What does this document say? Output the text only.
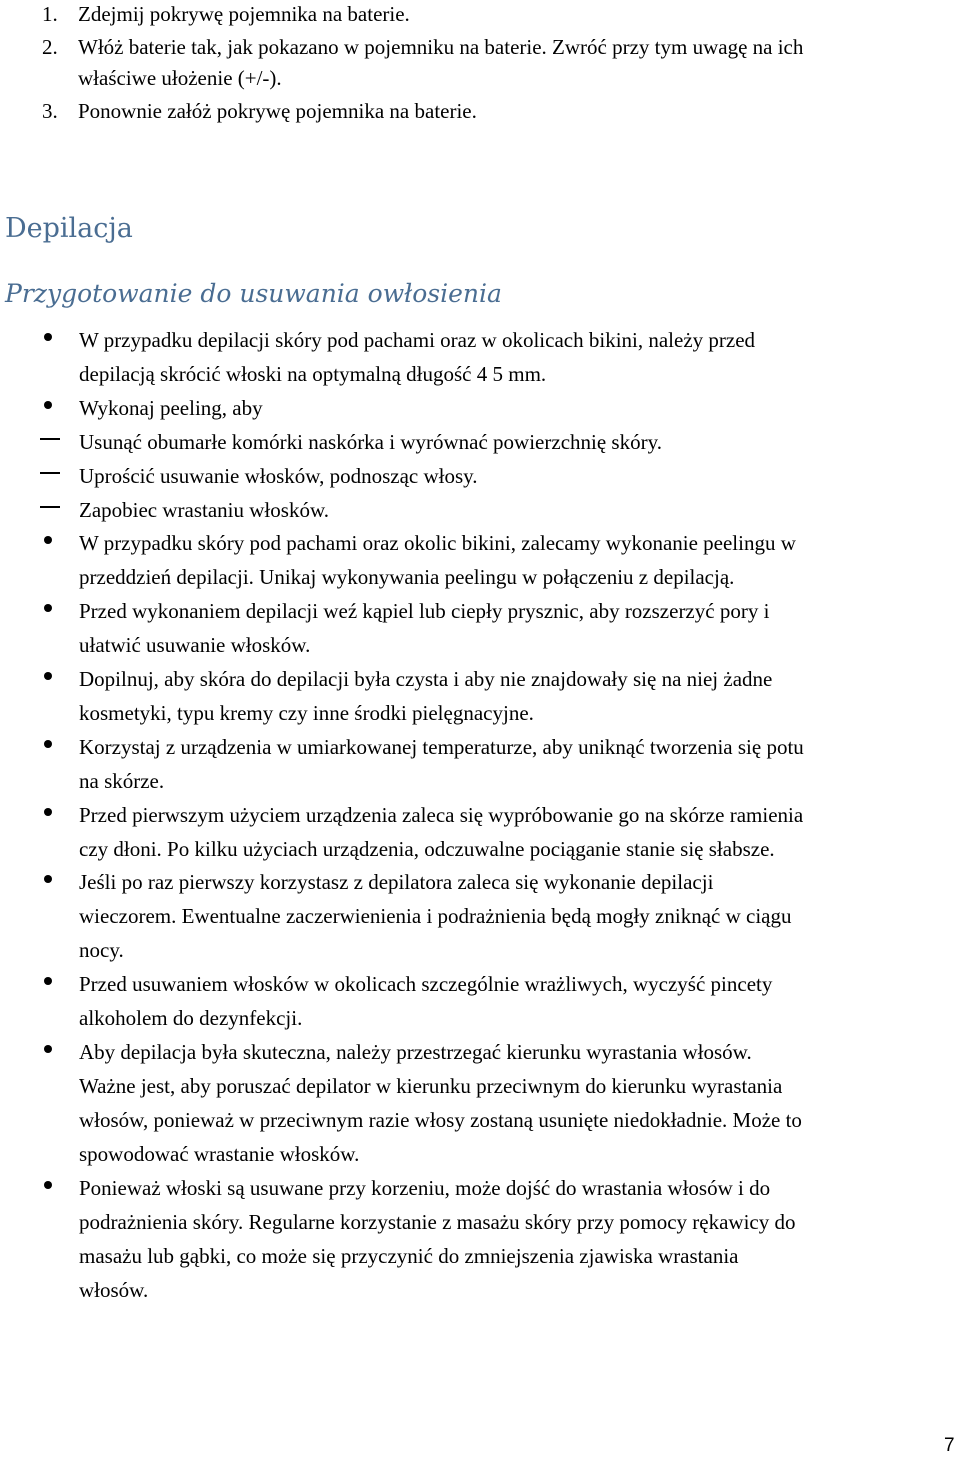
1. Zdejmij pokrywę pojemnika na baterie.
2. Włóż baterie tak, jak pokazano w pojemniku na baterie. Zwróć przy tym uwagę na ich
właściwe ułożenie (+/-).
3. Ponownie załóż pokrywę pojemnika na baterie.
Depilacja
Przygotowanie do usuwania owłosienia
W przypadku depilacji skóry pod pachami oraz w okolicach bikini, należy przed
depilacją skrócić włoski na optymalną długość 4 5 mm.
Wykonaj peeling, aby
Usunąć obumarłe komórki naskórka i wyrównać powierzchnię skóry.
Uprościć usuwanie włosków, podnosząc włosy.
Zapobiec wrastaniu włosków.
W przypadku skóry pod pachami oraz okolic bikini, zalecamy wykonanie peelingu w
przeddzień depilacji. Unikaj wykonywania peelingu w połączeniu z depilacją.
Przed wykonaniem depilacji weź kąpiel lub ciepły prysznic, aby rozszerzyć pory i
ułatwić usuwanie włosków.
Dopilnuj, aby skóra do depilacji była czysta i aby nie znajdowały się na niej żadne
kosmetyki, typu kremy czy inne środki pielęgnacyjne.
Korzystaj z urządzenia w umiarkowanej temperaturze, aby uniknąć tworzenia się potu
na skórze.
Przed pierwszym użyciem urządzenia zaleca się wypróbowanie go na skórze ramienia
czy dłoni. Po kilku użyciach urządzenia, odczuwalne pociąganie stanie się słabsze.
Jeśli po raz pierwszy korzystasz z depilatora zaleca się wykonanie depilacji
wieczorem. Ewentualne zaczerwienienia i podrażnienia będą mogły zniknąć w ciągu
nocy.
Przed usuwaniem włosków w okolicach szczególnie wrażliwych, wyczyść pincety
alkoholem do dezynfekcji.
Aby depilacja była skuteczna, należy przestrzegać kierunku wyrastania włosów.
Ważne jest, aby poruszać depilator w kierunku przeciwnym do kierunku wyrastania
włosów, ponieważ w przeciwnym razie włosy zostaną usunięte niedokładnie. Może to
spowodować wrastanie włosków.
Ponieważ włoski są usuwane przy korzeniu, może dojść do wrastania włosów i do
podrażnienia skóry. Regularne korzystanie z masażu skóry przy pomocy rękawicy do
masażu lub gąbki, co może się przyczynić do zmniejszenia zjawiska wrastania
włosów.
7
